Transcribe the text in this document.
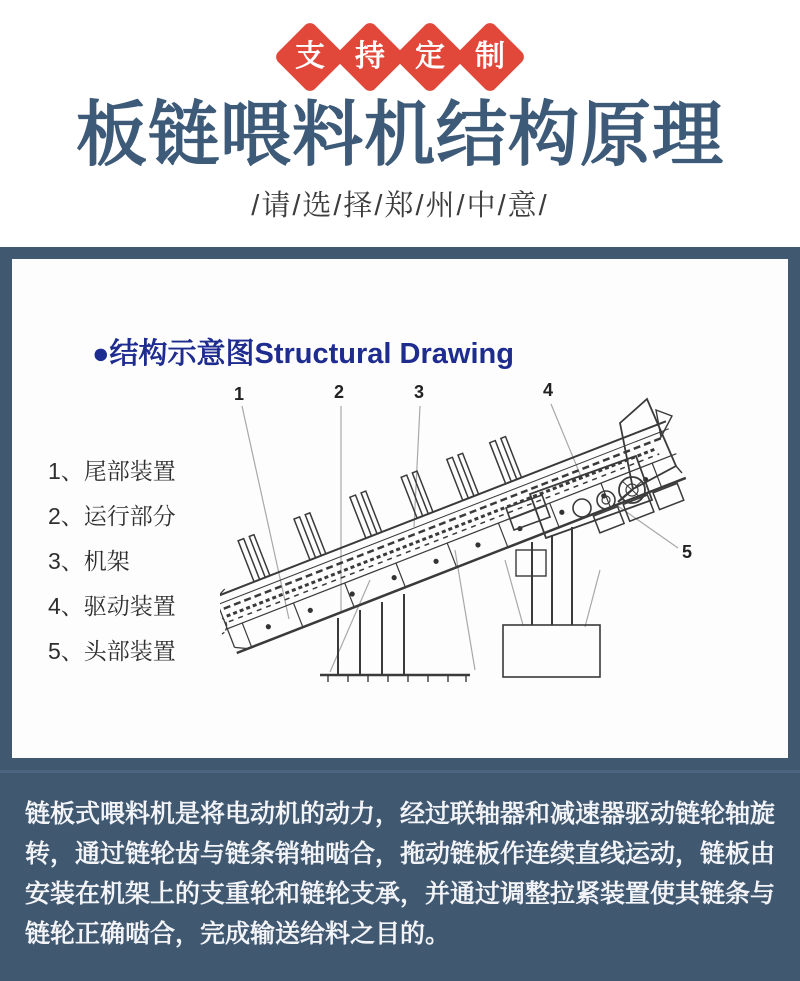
支 持 定 制
板链喂料机结构原理
/请/选/择/郑/州/中/意/
●结构示意图Structural Drawing
1、尾部装置
2、运行部分
3、机架
4、驱动装置
5、头部装置
1	2	3	4
5
链板式喂料机是将电动机的动力，经过联轴器和减速器驱动链轮轴旋
转，通过链轮齿与链条销轴啮合，拖动链板作连续直线运动，链板由
安装在机架上的支重轮和链轮支承，并通过调整拉紧装置使其链条与
链轮正确啮合，完成输送给料之目的。
